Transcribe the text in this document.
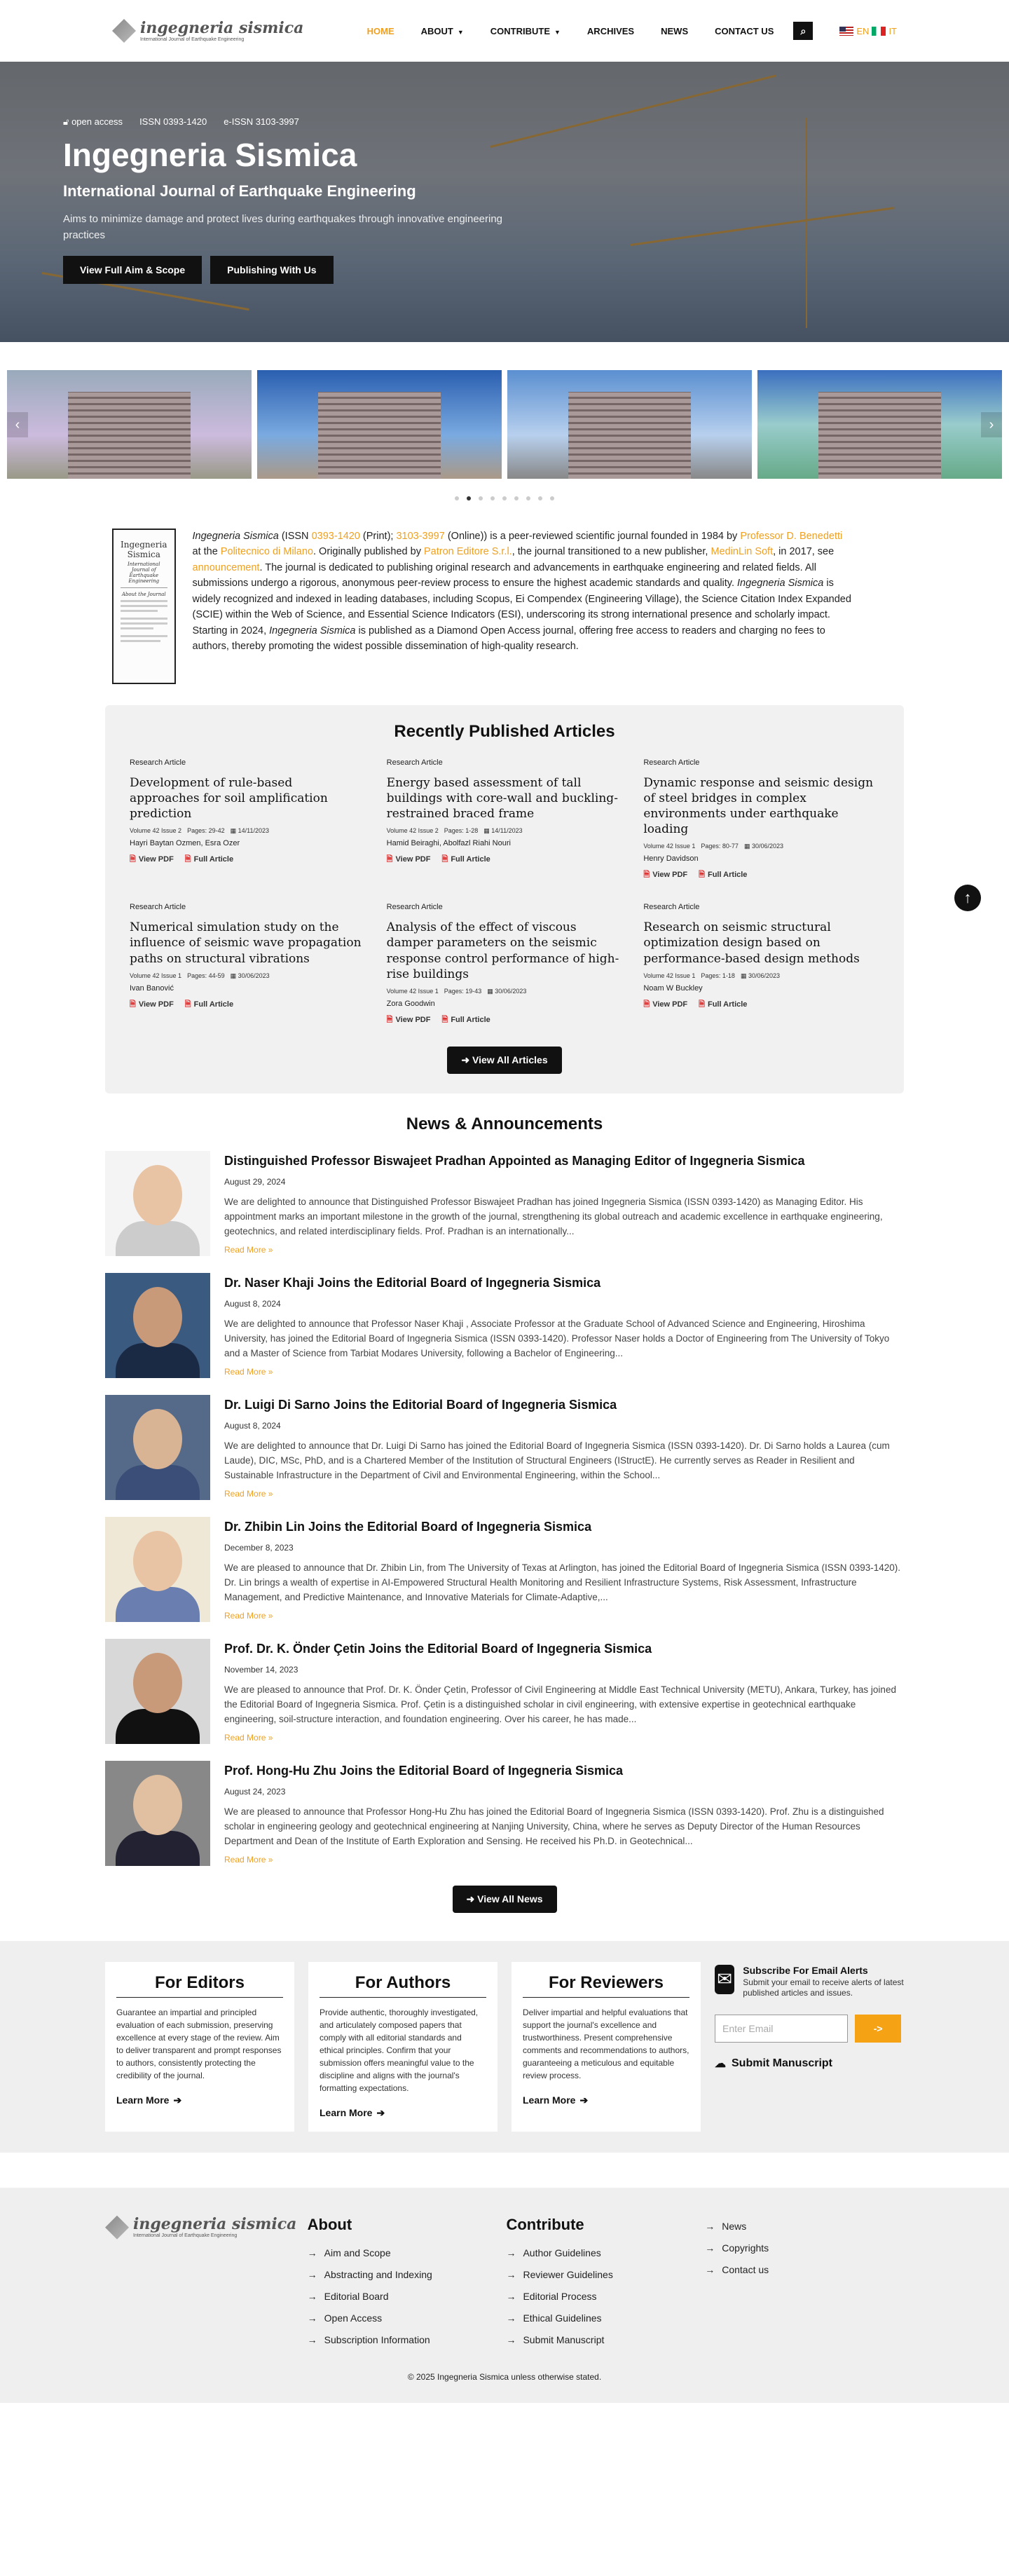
ingegneria sismica
International Journal of Earthquake Engineering
HOME	ABOUT ▼	CONTRIBUTE ▼	ARCHIVES	NEWS	CONTACT US	⌕	EN IT
🔓︎ open access ISSN 0393-1420 e-ISSN 3103-3997
Ingegneria Sismica
International Journal of Earthquake Engineering

Aims to minimize damage and protect lives during earthquakes through innovative engineering practices

View Full Aim & Scope	Publishing With Us
‹	›
Ingegneria Sismica
International Journal of Earthquake Engineering
About the Journal

Ingegneria Sismica (ISSN 0393-1420 (Print); 3103-3997 (Online)) is a peer-reviewed scientific journal founded in 1984 by Professor D. Benedetti at the Politecnico di Milano. Originally published by Patron Editore S.r.l., the journal transitioned to a new publisher, MedinLin Soft, in 2017, see announcement. The journal is dedicated to publishing original research and advancements in earthquake engineering and related fields. All submissions undergo a rigorous, anonymous peer-review process to ensure the highest academic standards and quality. Ingegneria Sismica is widely recognized and indexed in leading databases, including Scopus, Ei Compendex (Engineering Village), the Science Citation Index Expanded (SCIE) within the Web of Science, and Essential Science Indicators (ESI), underscoring its strong international presence and scholarly impact. Starting in 2024, Ingegneria Sismica is published as a Diamond Open Access journal, offering free access to readers and charging no fees to authors, thereby promoting the widest possible dissemination of high-quality research.

Recently Published Articles
Research Article
Development of rule-based approaches for soil amplification prediction
Volume 42 Issue 2 Pages: 29-42 ▦ 14/11/2023
Hayri Baytan Ozmen, Esra Ozer
🗎︎ View PDF 🗎︎ Full Article
Research Article
Energy based assessment of tall buildings with core-wall and buckling-restrained braced frame
Volume 42 Issue 2 Pages: 1-28 ▦ 14/11/2023
Hamid Beiraghi, Abolfazl Riahi Nouri
🗎︎ View PDF 🗎︎ Full Article
Research Article
Dynamic response and seismic design of steel bridges in complex environments under earthquake loading
Volume 42 Issue 1 Pages: 80-77 ▦ 30/06/2023
Henry Davidson
🗎︎ View PDF 🗎︎ Full Article
Research Article
Numerical simulation study on the influence of seismic wave propagation paths on structural vibrations
Volume 42 Issue 1 Pages: 44-59 ▦ 30/06/2023
Ivan Banović
🗎︎ View PDF 🗎︎ Full Article
Research Article
Analysis of the effect of viscous damper parameters on the seismic response control performance of high-rise buildings
Volume 42 Issue 1 Pages: 19-43 ▦ 30/06/2023
Zora Goodwin
🗎︎ View PDF 🗎︎ Full Article
Research Article
Research on seismic structural optimization design based on performance-based design methods
Volume 42 Issue 1 Pages: 1-18 ▦ 30/06/2023
Noam W Buckley
🗎︎ View PDF 🗎︎ Full Article
➜ View All Articles
↑
News & Announcements
Distinguished Professor Biswajeet Pradhan Appointed as Managing Editor of Ingegneria Sismica
August 29, 2024

We are delighted to announce that Distinguished Professor Biswajeet Pradhan has joined Ingegneria Sismica (ISSN 0393-1420) as Managing Editor. His appointment marks an important milestone in the growth of the journal, strengthening its global outreach and academic excellence in earthquake engineering, geotechnics, and related interdisciplinary fields. Prof. Pradhan is an internationally...

Read More »
Dr. Naser Khaji Joins the Editorial Board of Ingegneria Sismica
August 8, 2024

We are delighted to announce that Professor Naser Khaji , Associate Professor at the Graduate School of Advanced Science and Engineering, Hiroshima University, has joined the Editorial Board of Ingegneria Sismica (ISSN 0393-1420). Professor Naser holds a Doctor of Engineering from The University of Tokyo and a Master of Science from Tarbiat Modares University, following a Bachelor of Engineering...

Read More »
Dr. Luigi Di Sarno Joins the Editorial Board of Ingegneria Sismica
August 8, 2024

We are delighted to announce that Dr. Luigi Di Sarno has joined the Editorial Board of Ingegneria Sismica (ISSN 0393-1420). Dr. Di Sarno holds a Laurea (cum Laude), DIC, MSc, PhD, and is a Chartered Member of the Institution of Structural Engineers (IStructE). He currently serves as Reader in Resilient and Sustainable Infrastructure in the Department of Civil and Environmental Engineering, within the School...

Read More »
Dr. Zhibin Lin Joins the Editorial Board of Ingegneria Sismica
December 8, 2023

We are pleased to announce that Dr. Zhibin Lin, from The University of Texas at Arlington, has joined the Editorial Board of Ingegneria Sismica (ISSN 0393-1420). Dr. Lin brings a wealth of expertise in AI-Empowered Structural Health Monitoring and Resilient Infrastructure Systems, Risk Assessment, Infrastructure Management, and Predictive Maintenance, and Innovative Materials for Climate-Adaptive,...

Read More »
Prof. Dr. K. Önder Çetin Joins the Editorial Board of Ingegneria Sismica
November 14, 2023

We are pleased to announce that Prof. Dr. K. Önder Çetin, Professor of Civil Engineering at Middle East Technical University (METU), Ankara, Turkey, has joined the Editorial Board of Ingegneria Sismica. Prof. Çetin is a distinguished scholar in civil engineering, with extensive expertise in geotechnical earthquake engineering, soil-structure interaction, and foundation engineering. Over his career, he has made...

Read More »
Prof. Hong-Hu Zhu Joins the Editorial Board of Ingegneria Sismica
August 24, 2023

We are pleased to announce that Professor Hong-Hu Zhu has joined the Editorial Board of Ingegneria Sismica (ISSN 0393-1420). Prof. Zhu is a distinguished scholar in engineering geology and geotechnical engineering at Nanjing University, China, where he serves as Deputy Director of the Human Resources Department and Dean of the Institute of Earth Exploration and Sensing. He received his Ph.D. in Geotechnical...

Read More »
➜ View All News
For Editors

Guarantee an impartial and principled evaluation of each submission, preserving excellence at every stage of the review. Aim to deliver transparent and prompt responses to authors, consistently protecting the credibility of the journal.

Learn More ➔
For Authors

Provide authentic, thoroughly investigated, and articulately composed papers that comply with all editorial standards and ethical principles. Confirm that your submission offers meaningful value to the discipline and aligns with the journal's formatting expectations.

Learn More ➔
For Reviewers

Deliver impartial and helpful evaluations that support the journal's excellence and trustworthiness. Present comprehensive comments and recommendations to authors, guaranteeing a meticulous and equitable review process.

Learn More ➔
✉ Subscribe For Email Alerts
Submit your email to receive alerts of latest published articles and issues.
Enter Email
->
☁ Submit Manuscript
ingegneria sismica
International Journal of Earthquake Engineering
About
→ Aim and Scope
→ Abstracting and Indexing
→ Editorial Board
→ Open Access
→ Subscription Information
Contribute
→ Author Guidelines
→ Reviewer Guidelines
→ Editorial Process
→ Ethical Guidelines
→ Submit Manuscript
→ News
→ Copyrights
→ Contact us
© 2025 Ingegneria Sismica unless otherwise stated.
